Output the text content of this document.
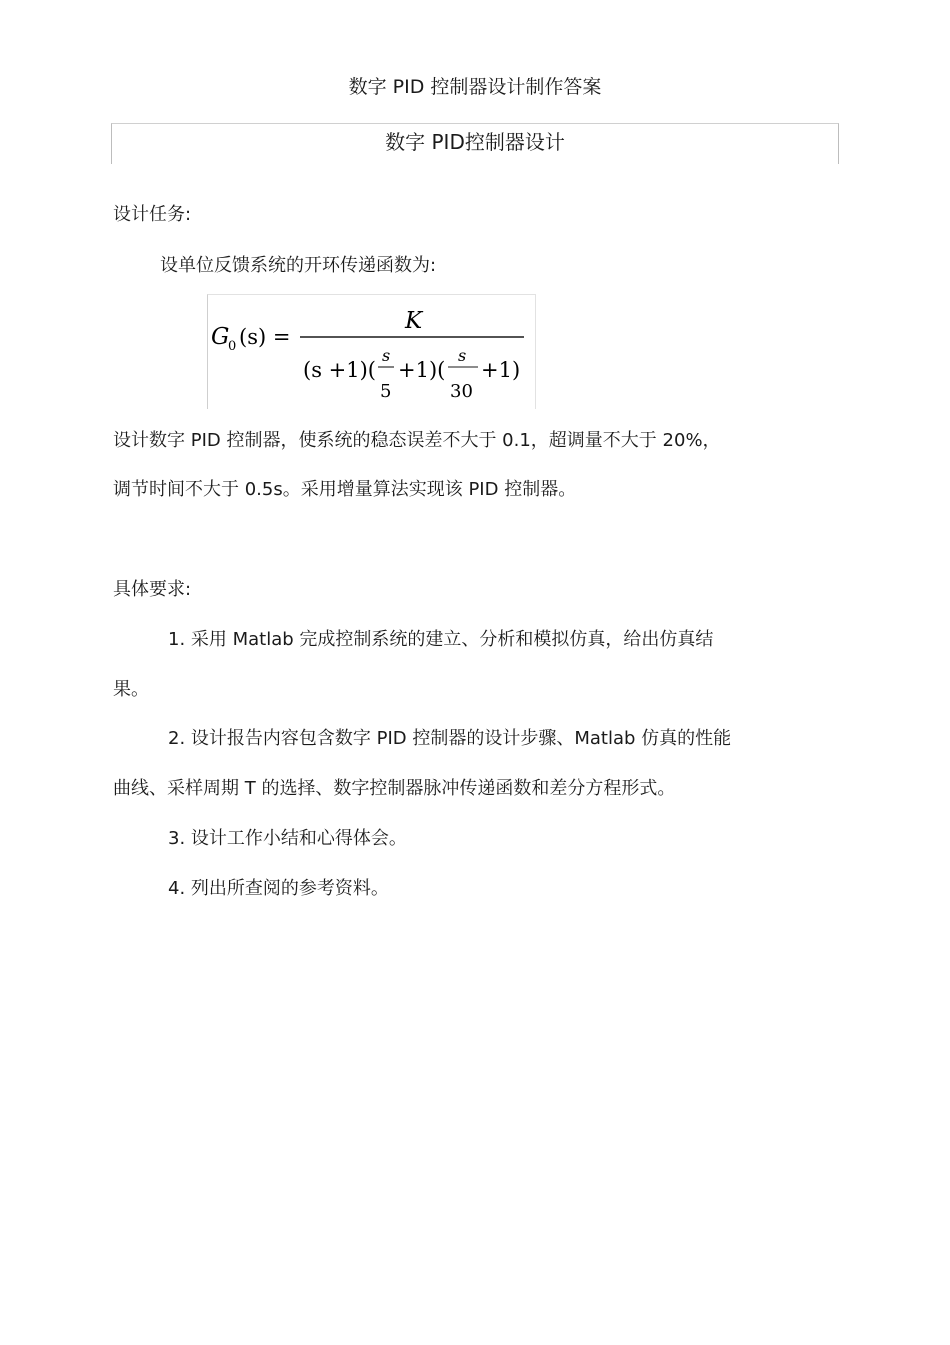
数字 PID 控制器设计制作答案
数字 PID控制器设计
设计任务:
设单位反馈系统的开环传递函数为:
G
0 (s) =
K
(s +1)(
s
5
+1)(
s
30
+1)
设计数字 PID 控制器，使系统的稳态误差不大于 0.1，超调量不大于 20%，
调节时间不大于 0.5s。采用增量算法实现该 PID 控制器。
具体要求:
1. 采用 Matlab 完成控制系统的建立、分析和模拟仿真，给出仿真结
果。
2. 设计报告内容包含数字 PID 控制器的设计步骤、Matlab 仿真的性能
曲线、采样周期 T 的选择、数字控制器脉冲传递函数和差分方程形式。
3. 设计工作小结和心得体会。
4. 列出所查阅的参考资料。
